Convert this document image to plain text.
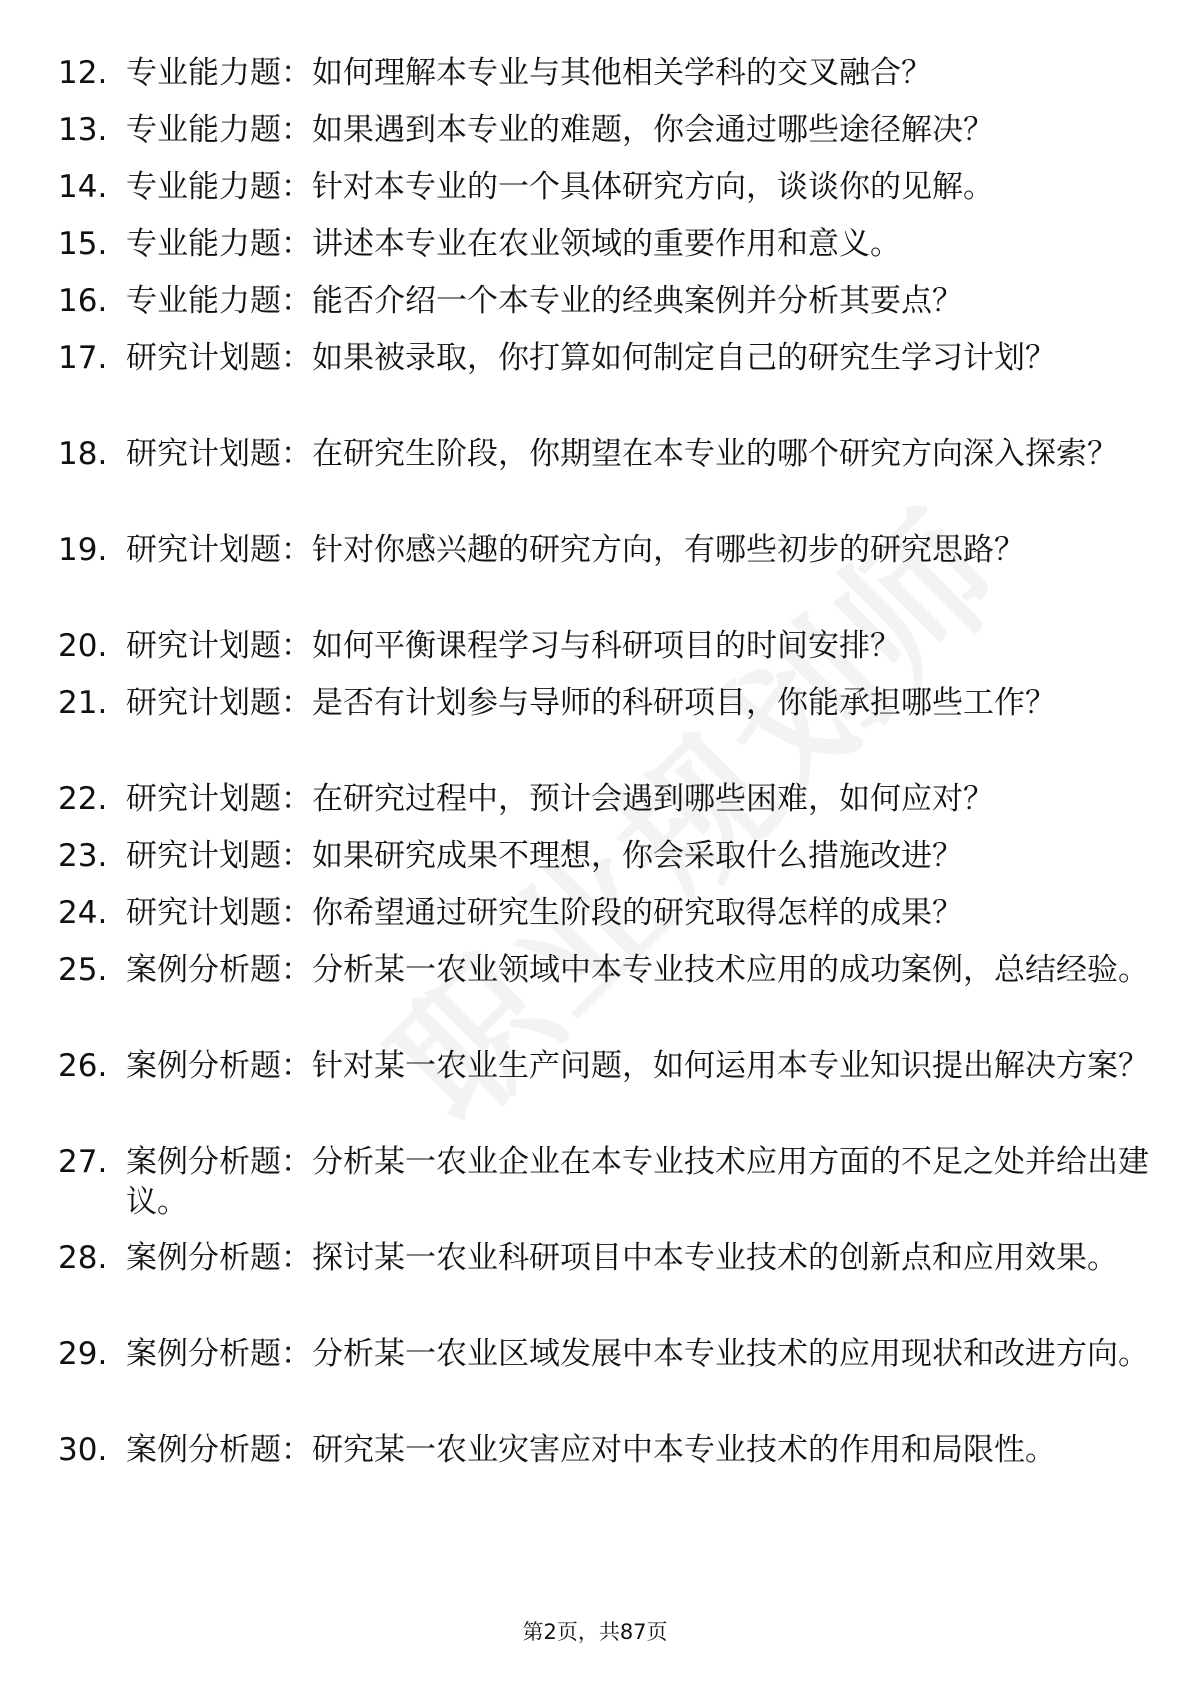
12. 专业能力题：如何理解本专业与其他相关学科的交叉融合？
13. 专业能力题：如果遇到本专业的难题，你会通过哪些途径解决？
14. 专业能力题：针对本专业的一个具体研究方向，谈谈你的见解。
15. 专业能力题：讲述本专业在农业领域的重要作用和意义。
16. 专业能力题：能否介绍一个本专业的经典案例并分析其要点？
17. 研究计划题：如果被录取，你打算如何制定自己的研究生学习计划？
18. 研究计划题：在研究生阶段，你期望在本专业的哪个研究方向深入探索？
19. 研究计划题：针对你感兴趣的研究方向，有哪些初步的研究思路？
20. 研究计划题：如何平衡课程学习与科研项目的时间安排？
21. 研究计划题：是否有计划参与导师的科研项目，你能承担哪些工作？
22. 研究计划题：在研究过程中，预计会遇到哪些困难，如何应对？
23. 研究计划题：如果研究成果不理想，你会采取什么措施改进？
24. 研究计划题：你希望通过研究生阶段的研究取得怎样的成果？
25. 案例分析题：分析某一农业领域中本专业技术应用的成功案例，总结经验。
26. 案例分析题：针对某一农业生产问题，如何运用本专业知识提出解决方案？
27. 案例分析题：分析某一农业企业在本专业技术应用方面的不足之处并给出建议。
28. 案例分析题：探讨某一农业科研项目中本专业技术的创新点和应用效果。
29. 案例分析题：分析某一农业区域发展中本专业技术的应用现状和改进方向。
30. 案例分析题：研究某一农业灾害应对中本专业技术的作用和局限性。
第2页，共87页
